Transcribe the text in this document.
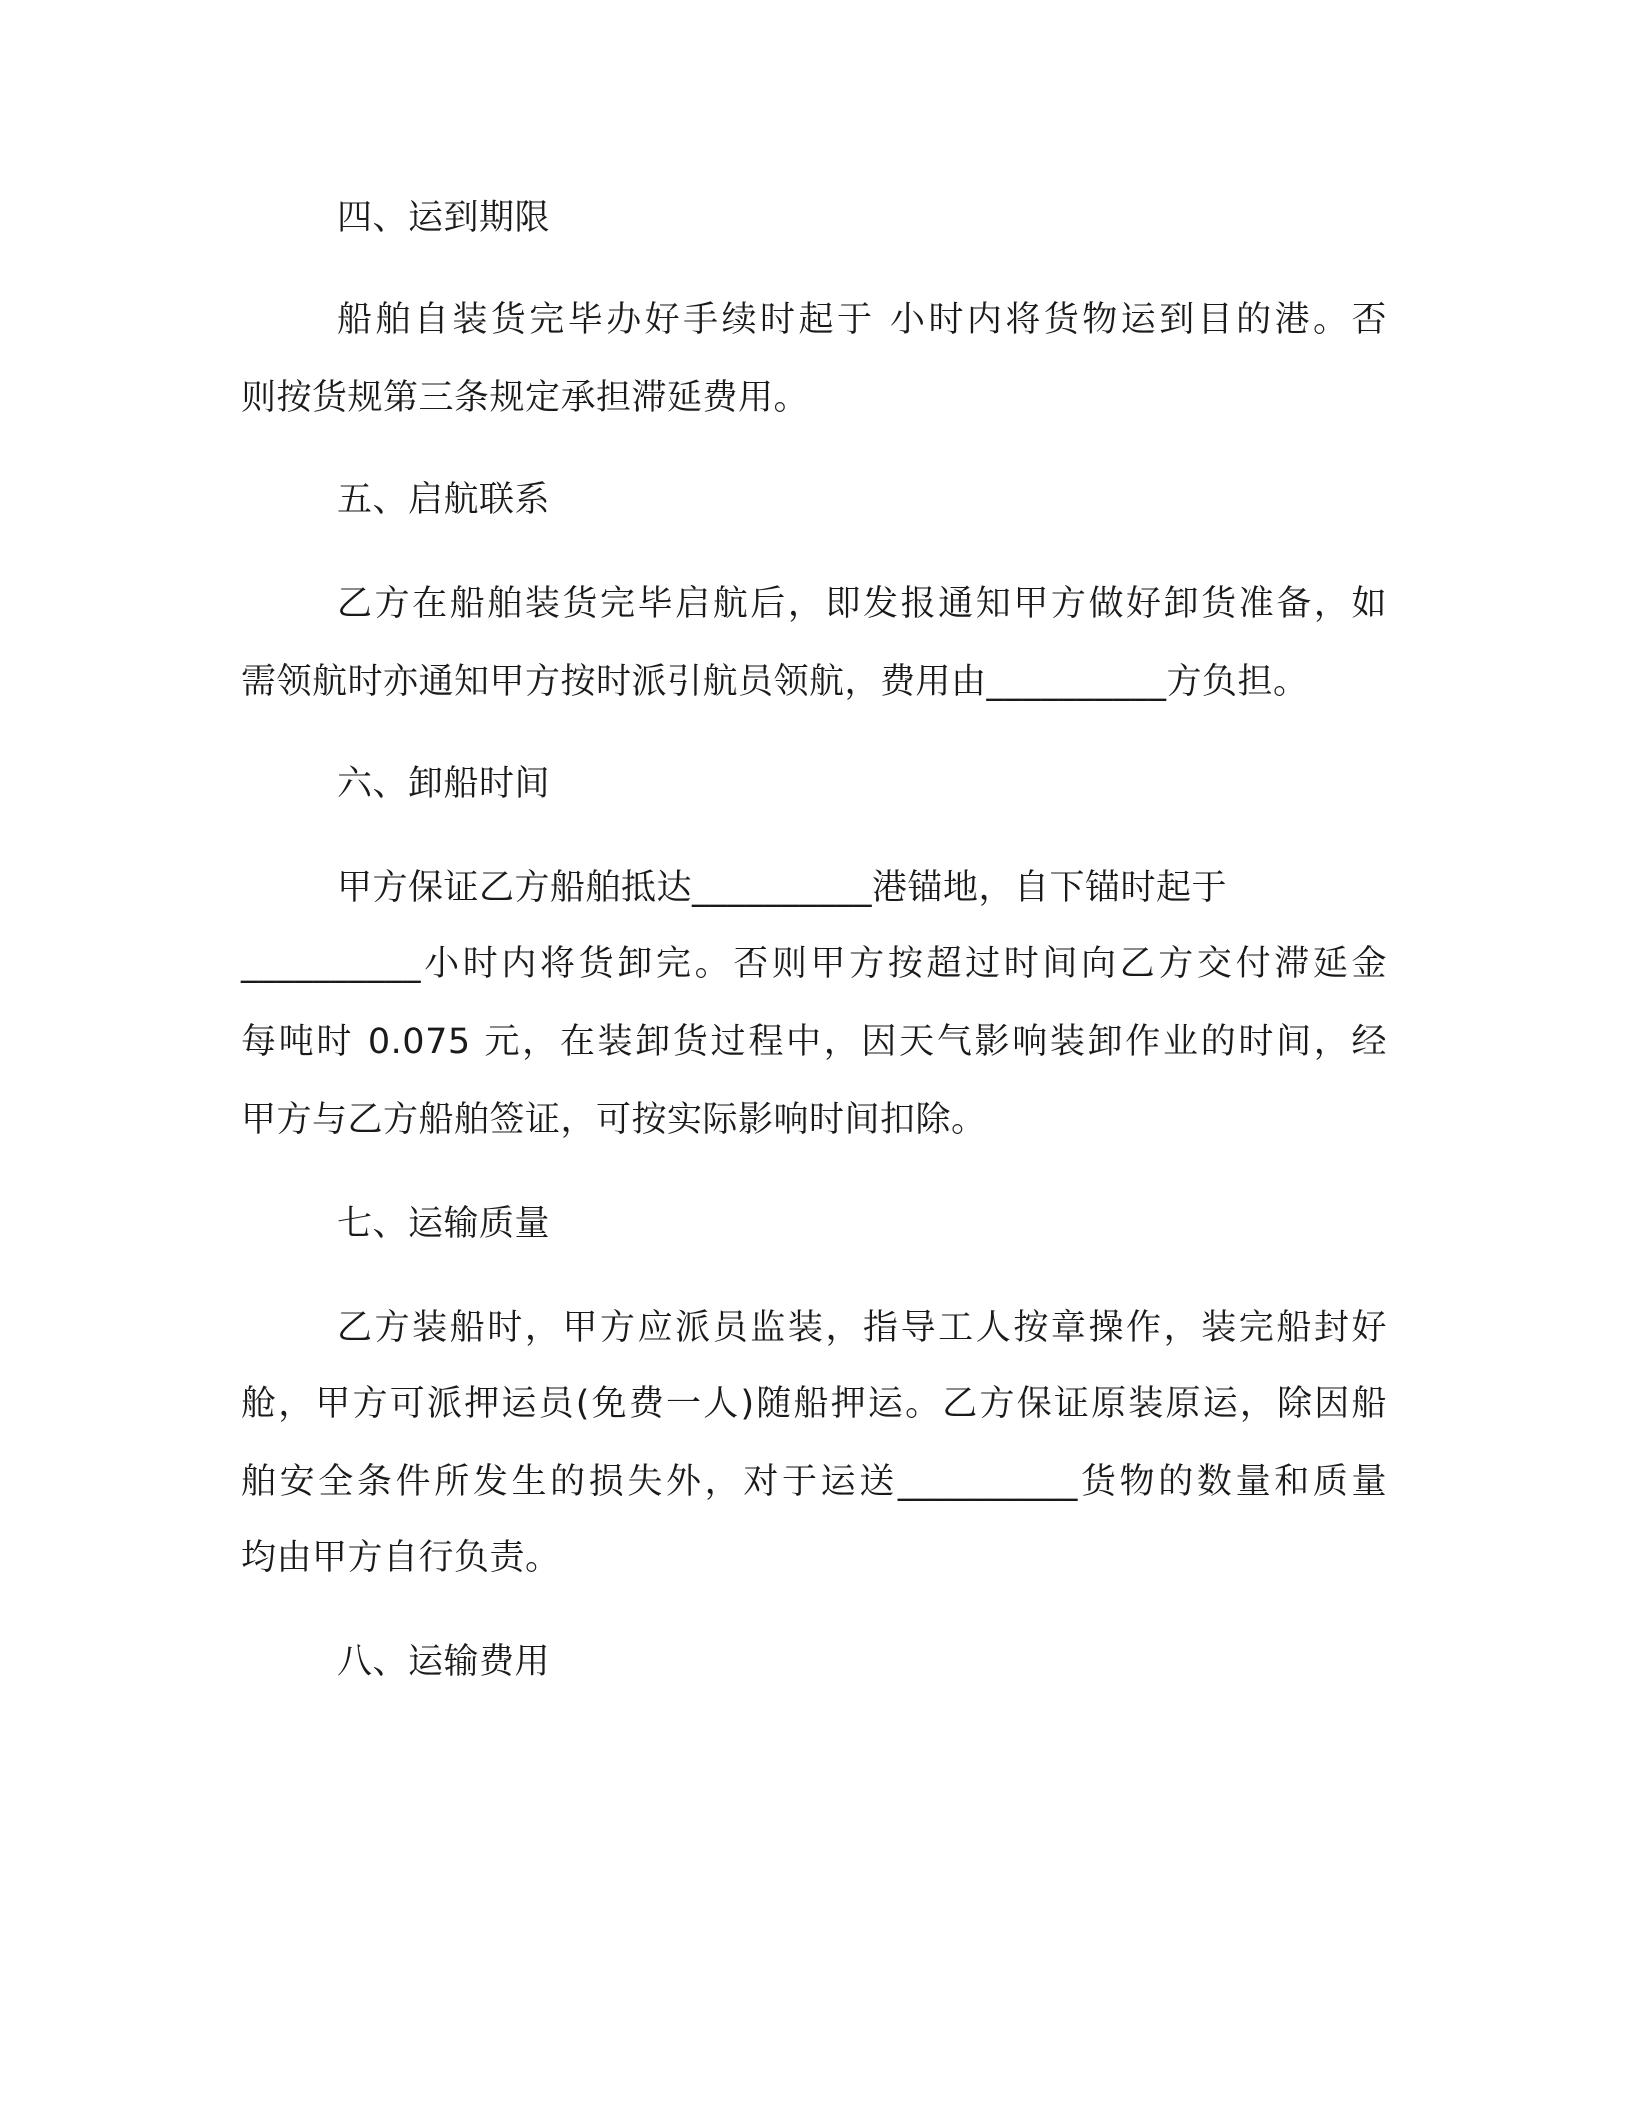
四、运到期限
船舶自装货完毕办好手续时起于 小时内将货物运到目的港。否
则按货规第三条规定承担滞延费用。
五、启航联系
乙方在船舶装货完毕启航后，即发报通知甲方做好卸货准备，如
需领航时亦通知甲方按时派引航员领航，费用由__________方负担。
六、卸船时间
甲方保证乙方船舶抵达__________港锚地，自下锚时起于
__________小时内将货卸完。否则甲方按超过时间向乙方交付滞延金
每吨时 0.075 元，在装卸货过程中，因天气影响装卸作业的时间，经
甲方与乙方船舶签证，可按实际影响时间扣除。
七、运输质量
乙方装船时，甲方应派员监装，指导工人按章操作，装完船封好
舱，甲方可派押运员(免费一人)随船押运。乙方保证原装原运，除因船
舶安全条件所发生的损失外，对于运送__________货物的数量和质量
均由甲方自行负责。
八、运输费用
